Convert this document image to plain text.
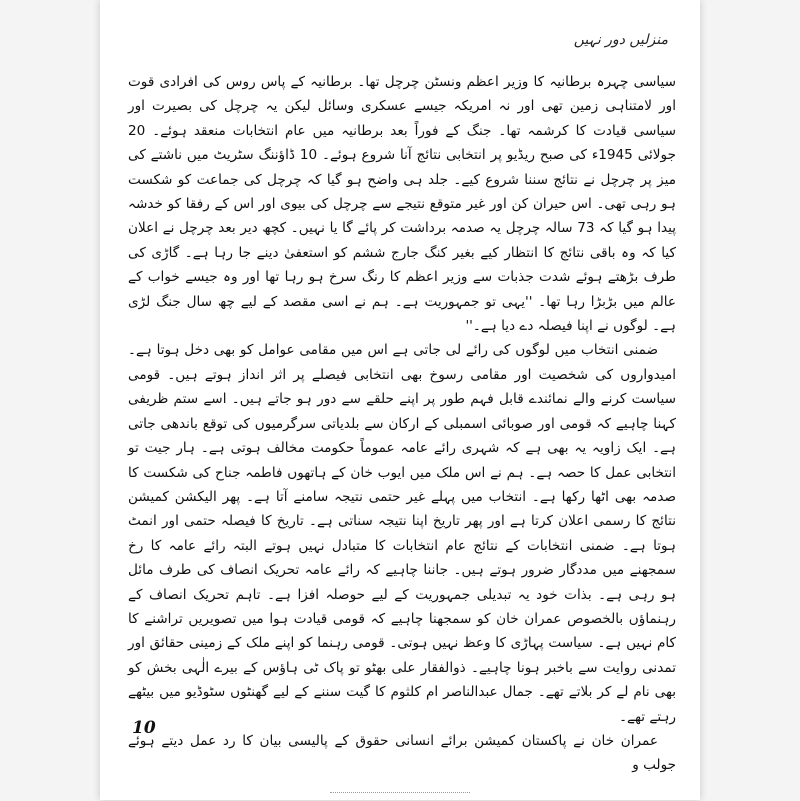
منزلیں دور نہیں

سیاسی چہرہ برطانیہ کا وزیر اعظم ونسٹن چرچل تھا۔ برطانیہ کے پاس روس کی افرادی قوت اور لامتناہی زمین تھی اور نہ امریکہ جیسے عسکری وسائل لیکن یہ چرچل کی بصیرت اور سیاسی قیادت کا کرشمہ تھا۔ جنگ کے فوراً بعد برطانیہ میں عام انتخابات منعقد ہوئے۔ 20 جولائی 1945ء کی صبح ریڈیو پر انتخابی نتائج آنا شروع ہوئے۔ 10 ڈاؤننگ سٹریٹ میں ناشتے کی میز پر چرچل نے نتائج سننا شروع کیے۔ جلد ہی واضح ہو گیا کہ چرچل کی جماعت کو شکست ہو رہی تھی۔ اس حیران کن اور غیر متوقع نتیجے سے چرچل کی بیوی اور اس کے رفقا کو خدشہ پیدا ہو گیا کہ 73 سالہ چرچل یہ صدمہ برداشت کر پائے گا یا نہیں۔ کچھ دیر بعد چرچل نے اعلان کیا کہ وہ باقی نتائج کا انتظار کیے بغیر کنگ جارج ششم کو استعفیٰ دینے جا رہا ہے۔ گاڑی کی طرف بڑھتے ہوئے شدت جذبات سے وزیر اعظم کا رنگ سرخ ہو رہا تھا اور وہ جیسے خواب کے عالم میں بڑبڑا رہا تھا۔ ''یہی تو جمہوریت ہے۔ ہم نے اسی مقصد کے لیے چھ سال جنگ لڑی ہے۔ لوگوں نے اپنا فیصلہ دے دیا ہے۔''

ضمنی انتخاب میں لوگوں کی رائے لی جاتی ہے اس میں مقامی عوامل کو بھی دخل ہوتا ہے۔ امیدواروں کی شخصیت اور مقامی رسوخ بھی انتخابی فیصلے پر اثر انداز ہوتے ہیں۔ قومی سیاست کرنے والے نمائندے قابل فہم طور پر اپنے حلقے سے دور ہو جاتے ہیں۔ اسے ستم ظریفی کہنا چاہیے کہ قومی اور صوبائی اسمبلی کے ارکان سے بلدیاتی سرگرمیوں کی توقع باندھی جاتی ہے۔ ایک زاویہ یہ بھی ہے کہ شہری رائے عامہ عموماً حکومت مخالف ہوتی ہے۔ ہار جیت تو انتخابی عمل کا حصہ ہے۔ ہم نے اس ملک میں ایوب خان کے ہاتھوں فاطمہ جناح کی شکست کا صدمہ بھی اٹھا رکھا ہے۔ انتخاب میں پہلے غیر حتمی نتیجہ سامنے آتا ہے۔ پھر الیکشن کمیشن نتائج کا رسمی اعلان کرتا ہے اور پھر تاریخ اپنا نتیجہ سناتی ہے۔ تاریخ کا فیصلہ حتمی اور انمٹ ہوتا ہے۔ ضمنی انتخابات کے نتائج عام انتخابات کا متبادل نہیں ہوتے البتہ رائے عامہ کا رخ سمجھنے میں مددگار ضرور ہوتے ہیں۔ جاننا چاہیے کہ رائے عامہ تحریک انصاف کی طرف مائل ہو رہی ہے۔ بذات خود یہ تبدیلی جمہوریت کے لیے حوصلہ افزا ہے۔ تاہم تحریک انصاف کے رہنماؤں بالخصوص عمران خان کو سمجھنا چاہیے کہ قومی قیادت ہوا میں تصویریں تراشنے کا کام نہیں ہے۔ سیاست پہاڑی کا وعظ نہیں ہوتی۔ قومی رہنما کو اپنے ملک کے زمینی حقائق اور تمدنی روایت سے باخبر ہونا چاہیے۔ ذوالفقار علی بھٹو تو پاک ٹی ہاؤس کے بیرے الٰہی بخش کو بھی نام لے کر بلاتے تھے۔ جمال عبدالناصر ام کلثوم کا گیت سننے کے لیے گھنٹوں سٹوڈیو میں بیٹھے رہتے تھے۔

عمران خان نے پاکستان کمیشن برائے انسانی حقوق کے پالیسی بیان کا رد عمل دیتے ہوئے جولب و

10
